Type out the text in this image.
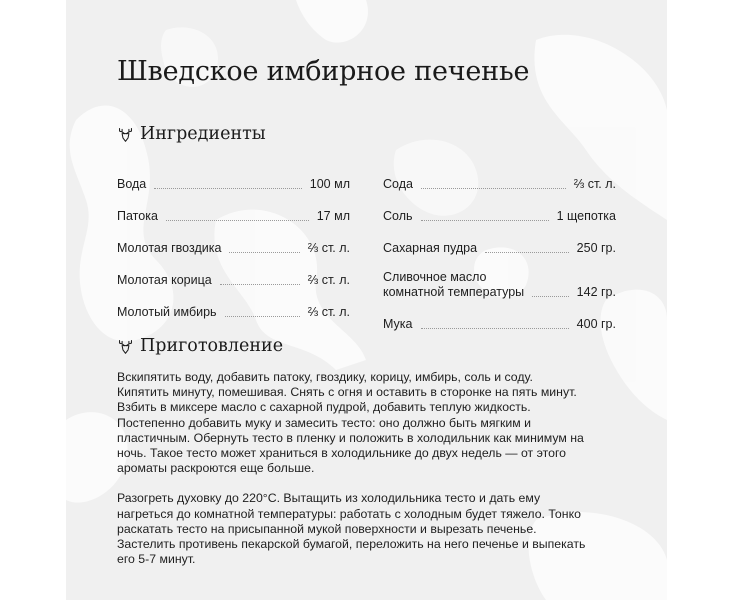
Шведское имбирное печенье
Ингредиенты
Вода	100 мл
Патока	17 мл
Молотая гвоздика	⅔ ст. л.
Молотая корица	⅔ ст. л.
Молотый имбирь	⅔ ст. л.
Сода	⅔ ст. л.
Соль	1 щепотка
Сахарная пудра	250 гр.
Сливочное масло
комнатной температуры	142 гр.
Мука	400 гр.
Приготовление

Вскипятить воду, добавить патоку, гвоздику, корицу, имбирь, соль и соду. Кипятить минуту, помешивая. Снять с огня и оставить в сторонке на пять минут. Взбить в миксере масло с сахарной пудрой, добавить теплую жидкость. Постепенно добавить муку и замесить тесто: оно должно быть мягким и пластичным. Обернуть тесто в пленку и положить в холодильник как минимум на ночь. Такое тесто может храниться в холодильнике до двух недель — от этого ароматы раскроются еще больше.

Разогреть духовку до 220°С. Вытащить из холодильника тесто и дать ему нагреться до комнатной температуры: работать с холодным будет тяжело. Тонко раскатать тесто на присыпанной мукой поверхности и вырезать печенье. Застелить противень пекарской бумагой, переложить на него печенье и выпекать его 5-7 минут.
